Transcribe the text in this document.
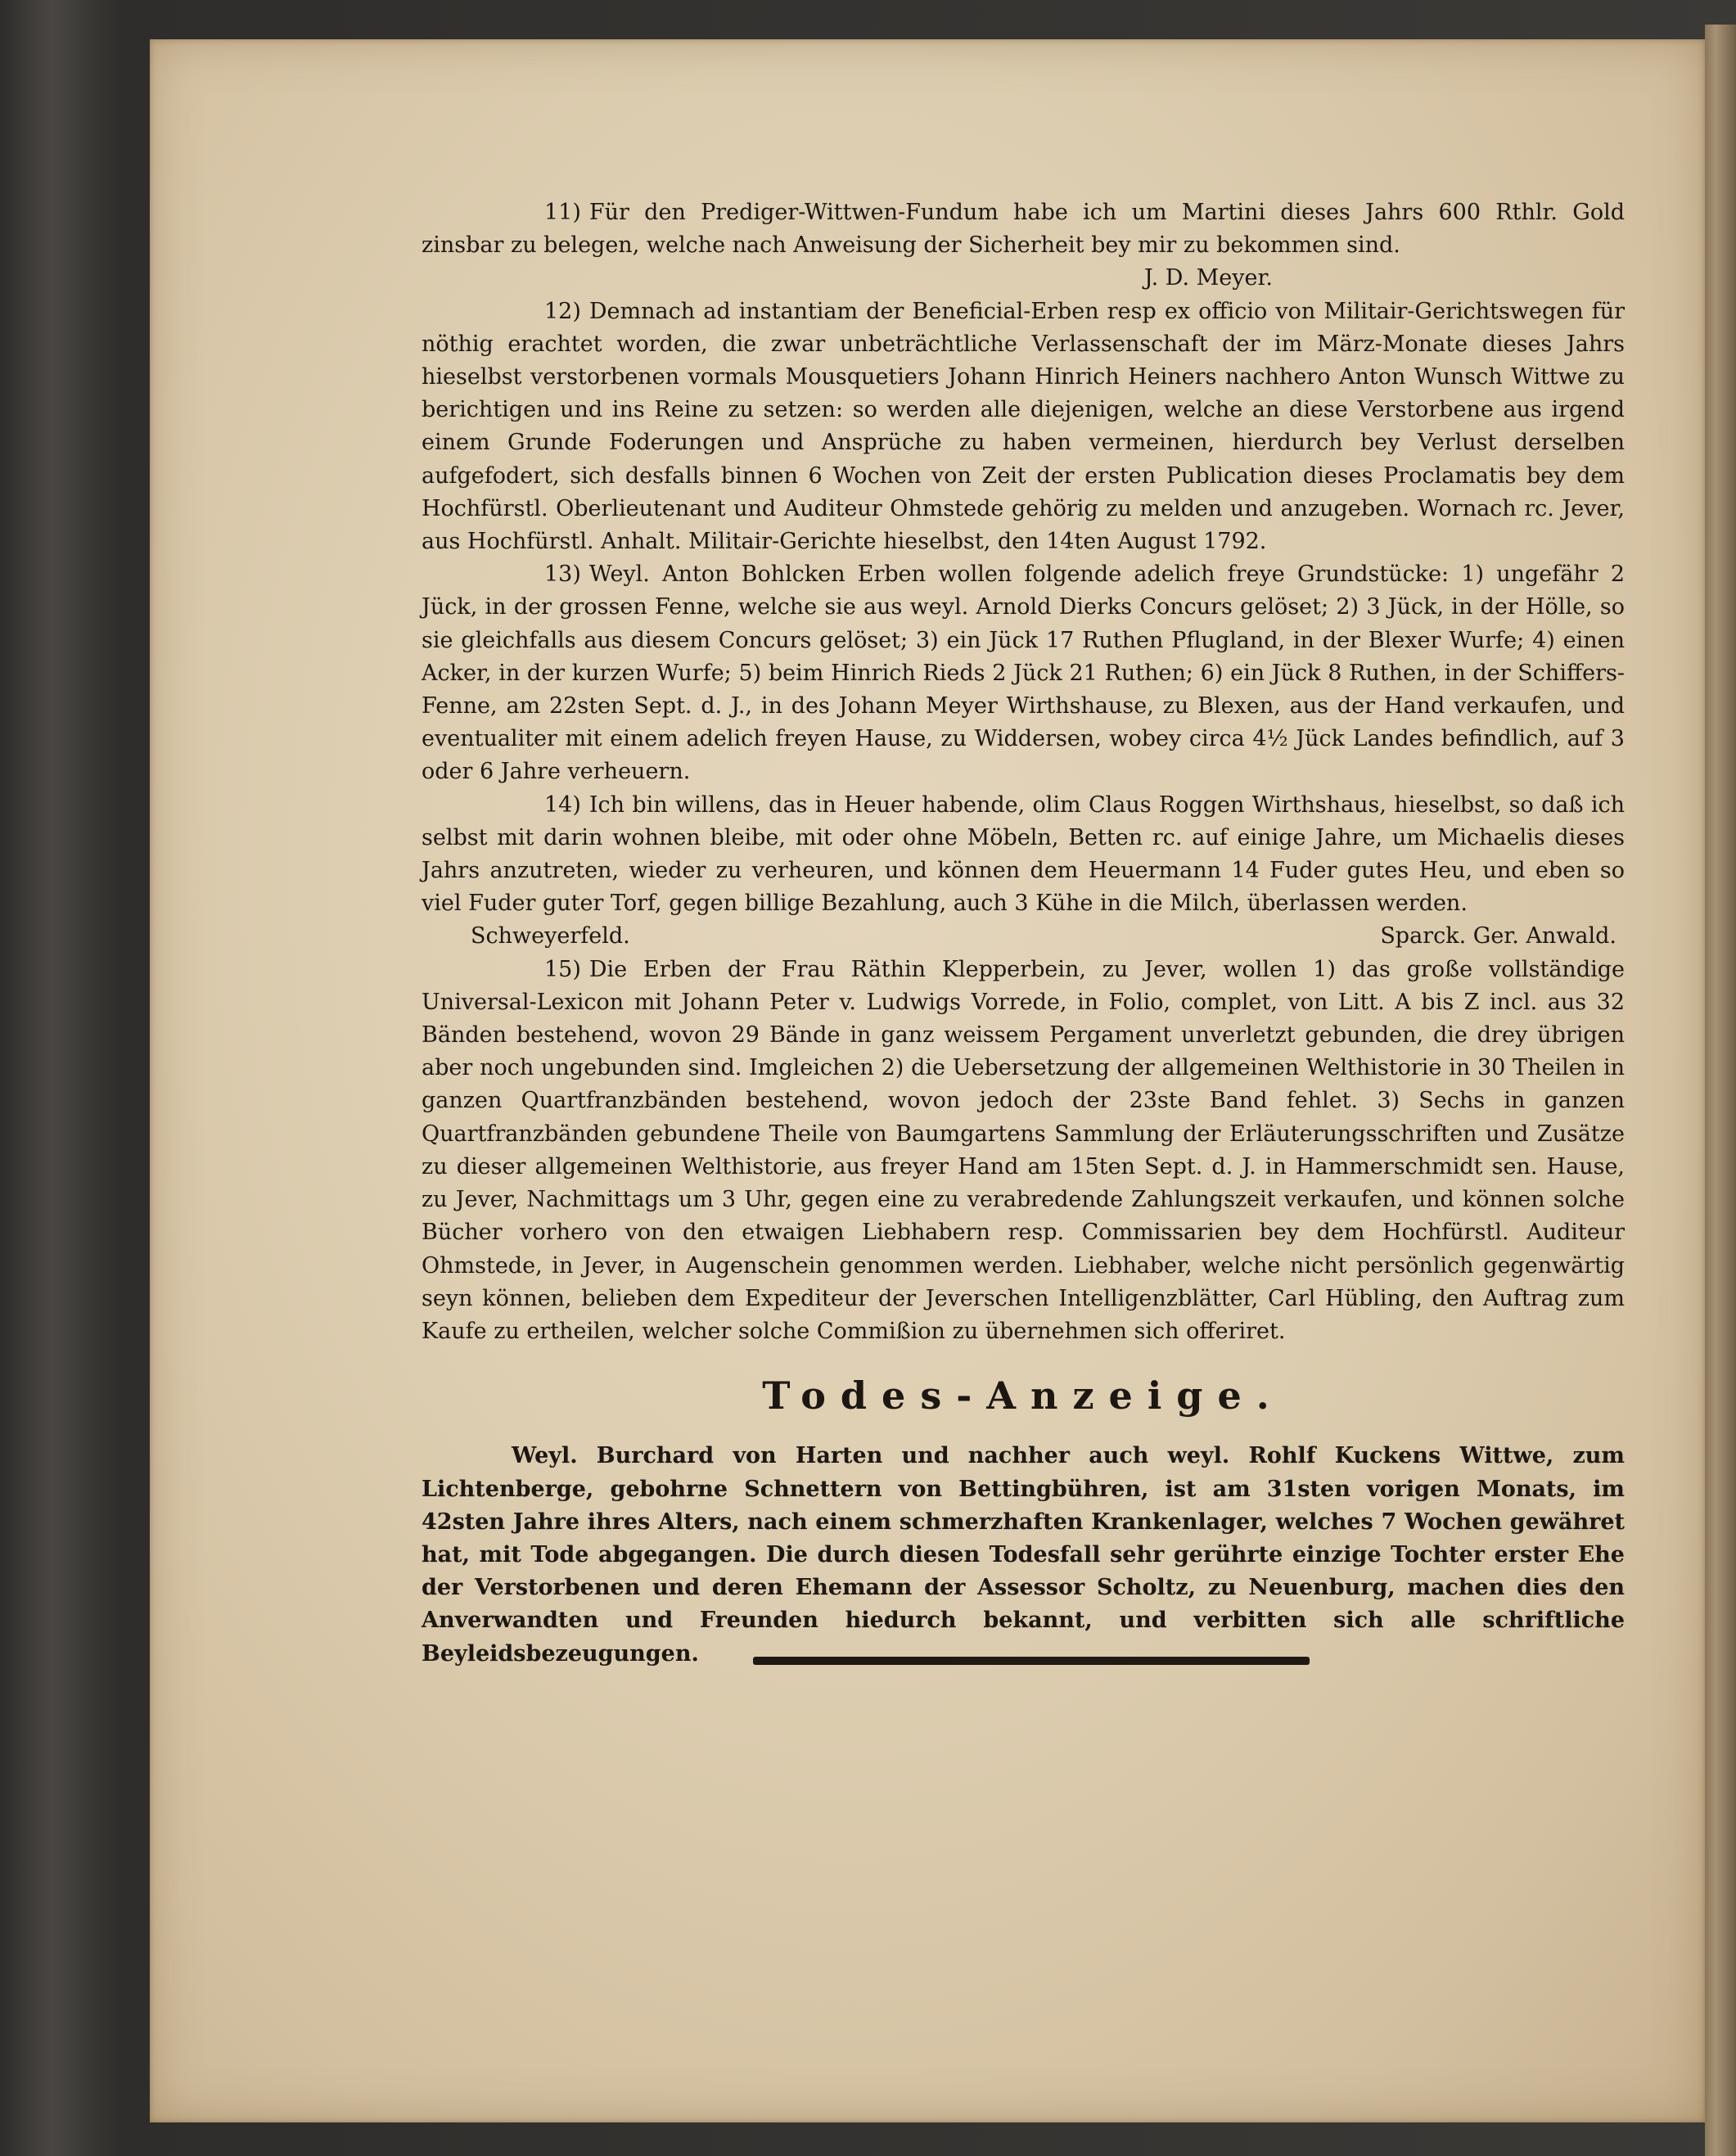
11) Für den Prediger-Wittwen-Fundum habe ich um Martini dieses Jahrs 600 Rthlr. Gold zinsbar zu belegen, welche nach Anweisung der Sicherheit bey mir zu bekommen sind.

J. D. Meyer.

12) Demnach ad instantiam der Beneficial-Erben resp ex officio von Militair-Gerichtswegen für nöthig erachtet worden, die zwar unbeträchtliche Verlassenschaft der im März-Monate dieses Jahrs hieselbst verstorbenen vormals Mousquetiers Johann Hinrich Heiners nachhero Anton Wunsch Wittwe zu berichtigen und ins Reine zu setzen: so werden alle diejenigen, welche an diese Verstorbene aus irgend einem Grunde Foderungen und Ansprüche zu haben vermeinen, hierdurch bey Verlust derselben aufgefodert, sich desfalls binnen 6 Wochen von Zeit der ersten Publication dieses Proclamatis bey dem Hochfürstl. Oberlieutenant und Auditeur Ohmstede gehörig zu melden und anzugeben. Wornach rc. Jever, aus Hochfürstl. Anhalt. Militair-Gerichte hieselbst, den 14ten August 1792.

13) Weyl. Anton Bohlcken Erben wollen folgende adelich freye Grundstücke: 1) ungefähr 2 Jück, in der grossen Fenne, welche sie aus weyl. Arnold Dierks Concurs gelöset; 2) 3 Jück, in der Hölle, so sie gleichfalls aus diesem Concurs gelöset; 3) ein Jück 17 Ruthen Pflugland, in der Blexer Wurfe; 4) einen Acker, in der kurzen Wurfe; 5) beim Hinrich Rieds 2 Jück 21 Ruthen; 6) ein Jück 8 Ruthen, in der Schiffers-Fenne, am 22sten Sept. d. J., in des Johann Meyer Wirthshause, zu Blexen, aus der Hand verkaufen, und eventualiter mit einem adelich freyen Hause, zu Widdersen, wobey circa 4½ Jück Landes befindlich, auf 3 oder 6 Jahre verheuern.

14) Ich bin willens, das in Heuer habende, olim Claus Roggen Wirthshaus, hieselbst, so daß ich selbst mit darin wohnen bleibe, mit oder ohne Möbeln, Betten rc. auf einige Jahre, um Michaelis dieses Jahrs anzutreten, wieder zu verheuren, und können dem Heuermann 14 Fuder gutes Heu, und eben so viel Fuder guter Torf, gegen billige Bezahlung, auch 3 Kühe in die Milch, überlassen werden.

Schweyerfeld.	Sparck. Ger. Anwald.

15) Die Erben der Frau Räthin Klepperbein, zu Jever, wollen 1) das große vollständige Universal-Lexicon mit Johann Peter v. Ludwigs Vorrede, in Folio, complet, von Litt. A bis Z incl. aus 32 Bänden bestehend, wovon 29 Bände in ganz weissem Pergament unverletzt gebunden, die drey übrigen aber noch ungebunden sind. Imgleichen 2) die Uebersetzung der allgemeinen Welthistorie in 30 Theilen in ganzen Quartfranzbänden bestehend, wovon jedoch der 23ste Band fehlet. 3) Sechs in ganzen Quartfranzbänden gebundene Theile von Baumgartens Sammlung der Erläuterungsschriften und Zusätze zu dieser allgemeinen Welthistorie, aus freyer Hand am 15ten Sept. d. J. in Hammerschmidt sen. Hause, zu Jever, Nachmittags um 3 Uhr, gegen eine zu verabredende Zahlungszeit verkaufen, und können solche Bücher vorhero von den etwaigen Liebhabern resp. Commissarien bey dem Hochfürstl. Auditeur Ohmstede, in Jever, in Augenschein genommen werden. Liebhaber, welche nicht persönlich gegenwärtig seyn können, belieben dem Expediteur der Jeverschen Intelligenzblätter, Carl Hübling, den Auftrag zum Kaufe zu ertheilen, welcher solche Commißion zu übernehmen sich offeriret.

Todes-Anzeige.

Weyl. Burchard von Harten und nachher auch weyl. Rohlf Kuckens Wittwe, zum Lichtenberge, gebohrne Schnettern von Bettingbühren, ist am 31sten vorigen Monats, im 42sten Jahre ihres Alters, nach einem schmerzhaften Krankenlager, welches 7 Wochen gewähret hat, mit Tode abgegangen. Die durch diesen Todesfall sehr gerührte einzige Tochter erster Ehe der Verstorbenen und deren Ehemann der Assessor Scholtz, zu Neuenburg, machen dies den Anverwandten und Freunden hiedurch bekannt, und verbitten sich alle schriftliche Beyleidsbezeugungen.
